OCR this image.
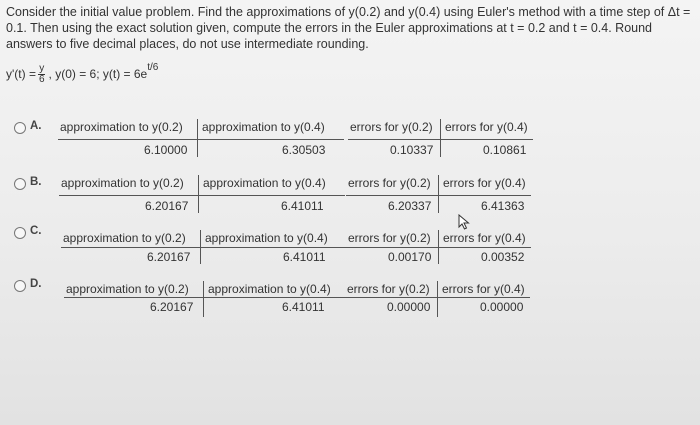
Consider the initial value problem. Find the approximations of y(0.2) and y(0.4) using Euler's method with a time step of Δt = 0.1. Then using the exact solution given, compute the errors in the Euler approximations at t = 0.2 and t = 0.4. Round answers to five decimal places, do not use intermediate rounding.
$y'(t) = \frac{y}{6}$ , y(0) = 6; y(t) = 6e t/6
A. approximation to y(0.2) approximation to y(0.4)
6.10000	6.30503
errors for y(0.2) errors for y(0.4)
0.10337	0.10861
B. approximation to y(0.2) approximation to y(0.4)
6.20167	6.41011
errors for y(0.2) errors for y(0.4)
6.20337	6.41363
C. approximation to y(0.2) approximation to y(0.4)
6.20167	6.41011
errors for y(0.2) errors for y(0.4)
0.00170	0.00352
D. approximation to y(0.2) approximation to y(0.4)
6.20167	6.41011
errors for y(0.2) errors for y(0.4)
0.00000	0.00000
